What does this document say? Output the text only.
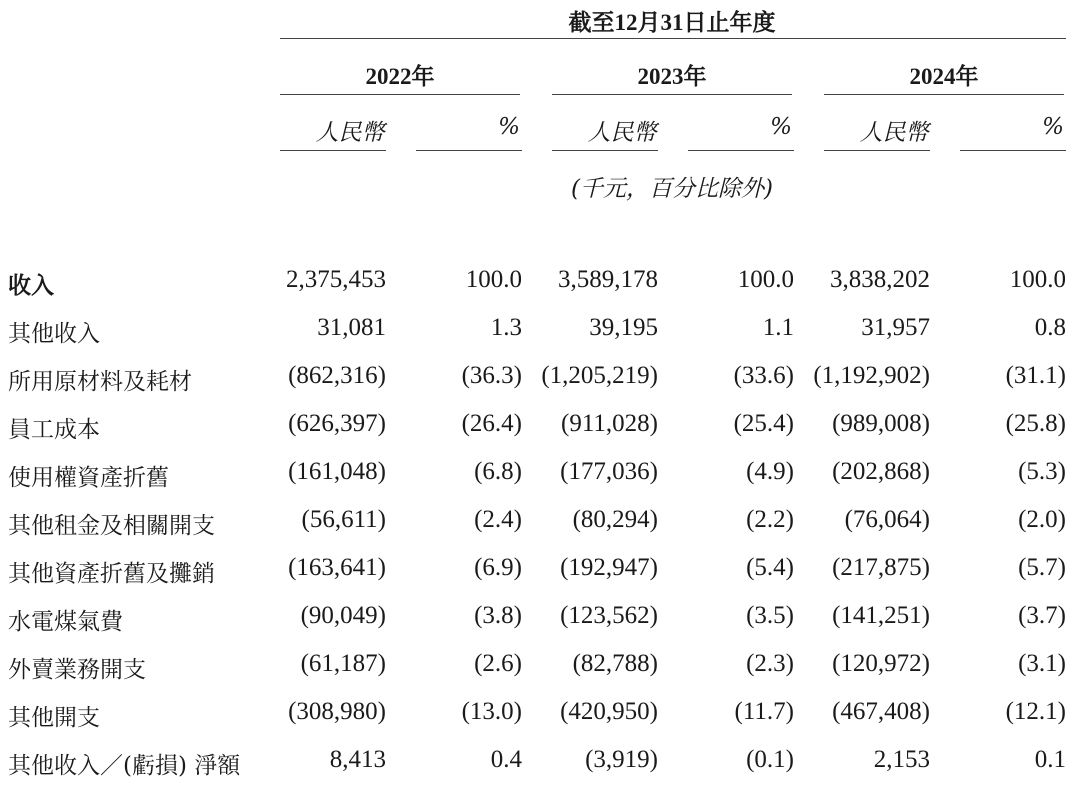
截至12月31日止年度
2022年	2023年	2024年
人民幣	%	人民幣	%	人民幣	%
(千元，百分比除外)
收入	2,375,453	100.0 3,589,178	100.0 3,838,202	100.0
其他收入	31,081	1.3	39,195	1.1	31,957	0.8
所用原材料及耗材	(862,316)	(36.3) (1,205,219)	(33.6) (1,192,902)	(31.1)
員工成本	(626,397)	(26.4) (911,028)	(25.4) (989,008)	(25.8)
使用權資產折舊	(161,048)	(6.8) (177,036)	(4.9) (202,868)	(5.3)
其他租金及相關開支	(56,611)	(2.4) (80,294)	(2.2) (76,064)	(2.0)
其他資產折舊及攤銷	(163,641)	(6.9) (192,947)	(5.4) (217,875)	(5.7)
水電煤氣費	(90,049)	(3.8) (123,562)	(3.5) (141,251)	(3.7)
外賣業務開支	(61,187)	(2.6) (82,788)	(2.3) (120,972)	(3.1)
其他開支	(308,980)	(13.0) (420,950)	(11.7) (467,408)	(12.1)
其他收入／(虧損) 淨額	8,413	0.4	(3,919)	(0.1)	2,153	0.1
